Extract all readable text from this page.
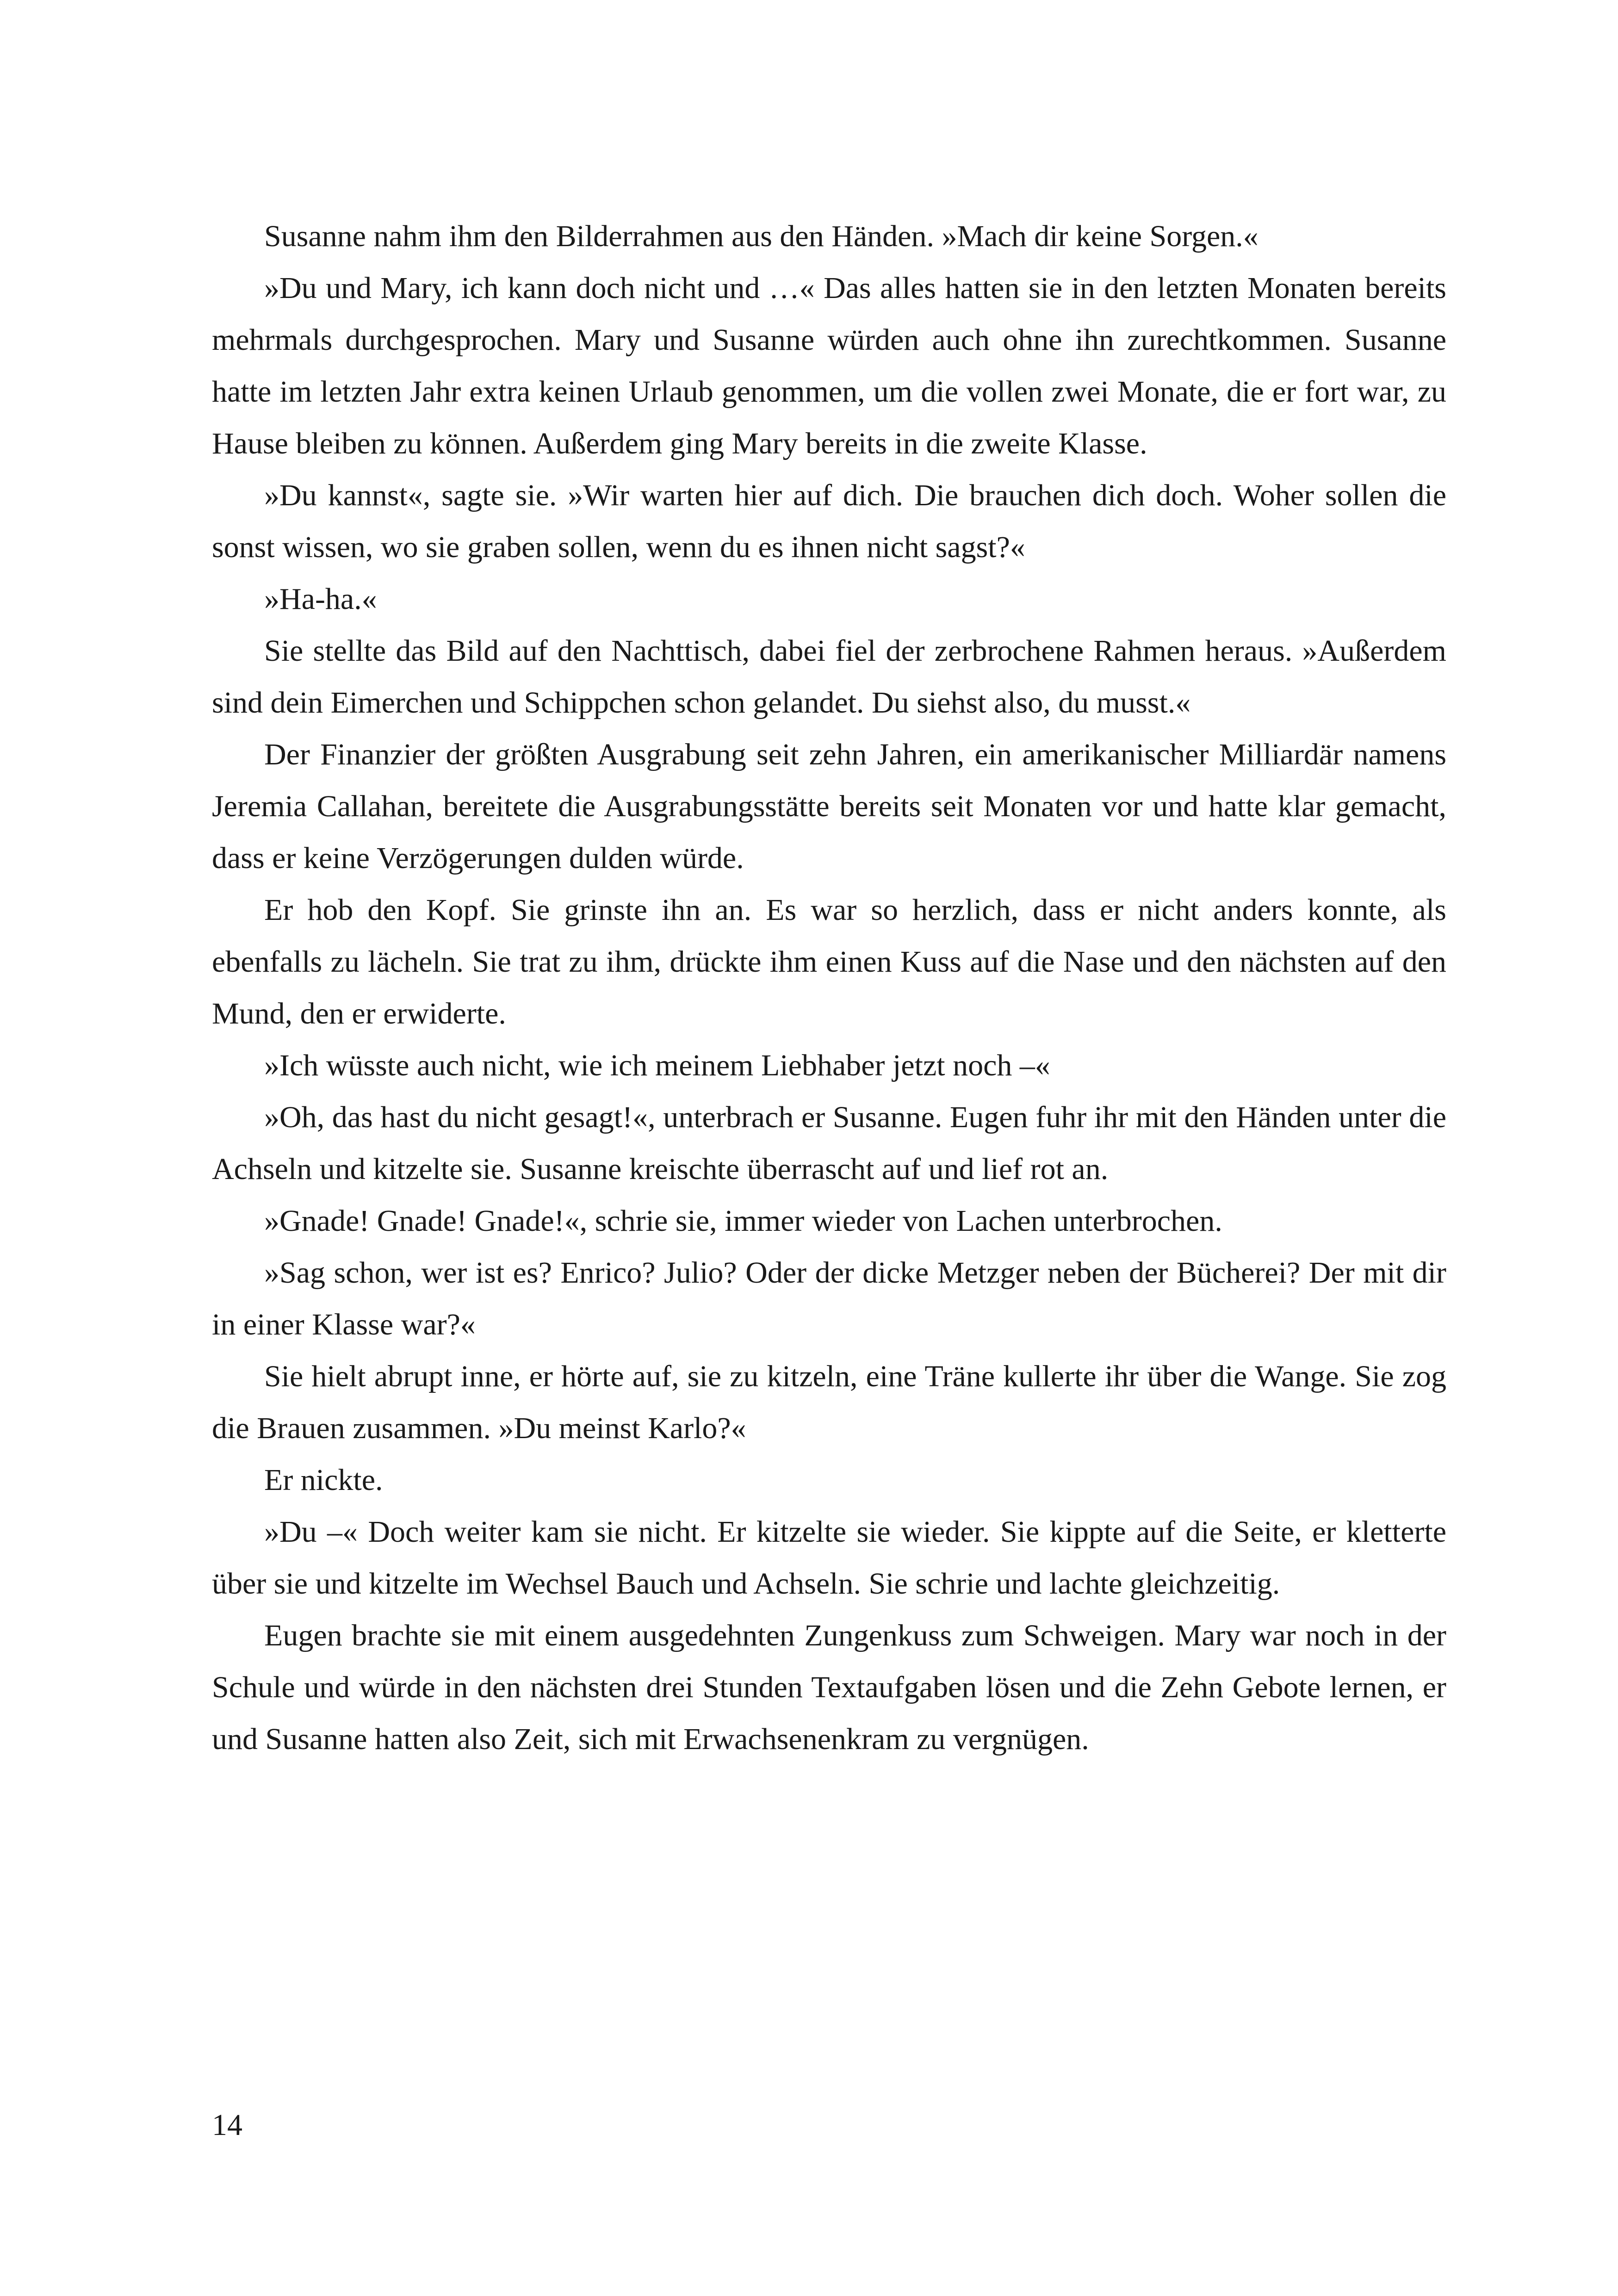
Susanne nahm ihm den Bilderrahmen aus den Händen. »Mach dir keine Sorgen.«

»Du und Mary, ich kann doch nicht und …« Das alles hatten sie in den letzten Monaten bereits mehrmals durchgesprochen. Mary und Susanne würden auch ohne ihn zurechtkommen. Susanne hatte im letzten Jahr extra keinen Urlaub genommen, um die vollen zwei Monate, die er fort war, zu Hause bleiben zu können. Außerdem ging Mary bereits in die zweite Klasse.

»Du kannst«, sagte sie. »Wir warten hier auf dich. Die brauchen dich doch. Woher sollen die sonst wissen, wo sie graben sollen, wenn du es ihnen nicht sagst?«

»Ha-ha.«

Sie stellte das Bild auf den Nachttisch, dabei fiel der zerbrochene Rahmen heraus. »Außerdem sind dein Eimerchen und Schippchen schon gelandet. Du siehst also, du musst.«

Der Finanzier der größten Ausgrabung seit zehn Jahren, ein amerikanischer Milliardär namens Jeremia Callahan, bereitete die Ausgrabungsstätte bereits seit Monaten vor und hatte klar gemacht, dass er keine Verzögerungen dulden würde.

Er hob den Kopf. Sie grinste ihn an. Es war so herzlich, dass er nicht anders konnte, als ebenfalls zu lächeln. Sie trat zu ihm, drückte ihm einen Kuss auf die Nase und den nächsten auf den Mund, den er erwiderte.

»Ich wüsste auch nicht, wie ich meinem Liebhaber jetzt noch –«

»Oh, das hast du nicht gesagt!«, unterbrach er Susanne. Eugen fuhr ihr mit den Händen unter die Achseln und kitzelte sie. Susanne kreischte überrascht auf und lief rot an.

»Gnade! Gnade! Gnade!«, schrie sie, immer wieder von Lachen unterbrochen.

»Sag schon, wer ist es? Enrico? Julio? Oder der dicke Metzger neben der Bücherei? Der mit dir in einer Klasse war?«

Sie hielt abrupt inne, er hörte auf, sie zu kitzeln, eine Träne kullerte ihr über die Wange. Sie zog die Brauen zusammen. »Du meinst Karlo?«

Er nickte.

»Du –« Doch weiter kam sie nicht. Er kitzelte sie wieder. Sie kippte auf die Seite, er kletterte über sie und kitzelte im Wechsel Bauch und Achseln. Sie schrie und lachte gleichzeitig.

Eugen brachte sie mit einem ausgedehnten Zungenkuss zum Schweigen. Mary war noch in der Schule und würde in den nächsten drei Stunden Textaufgaben lösen und die Zehn Gebote lernen, er und Susanne hatten also Zeit, sich mit Erwachsenenkram zu vergnügen.

14
